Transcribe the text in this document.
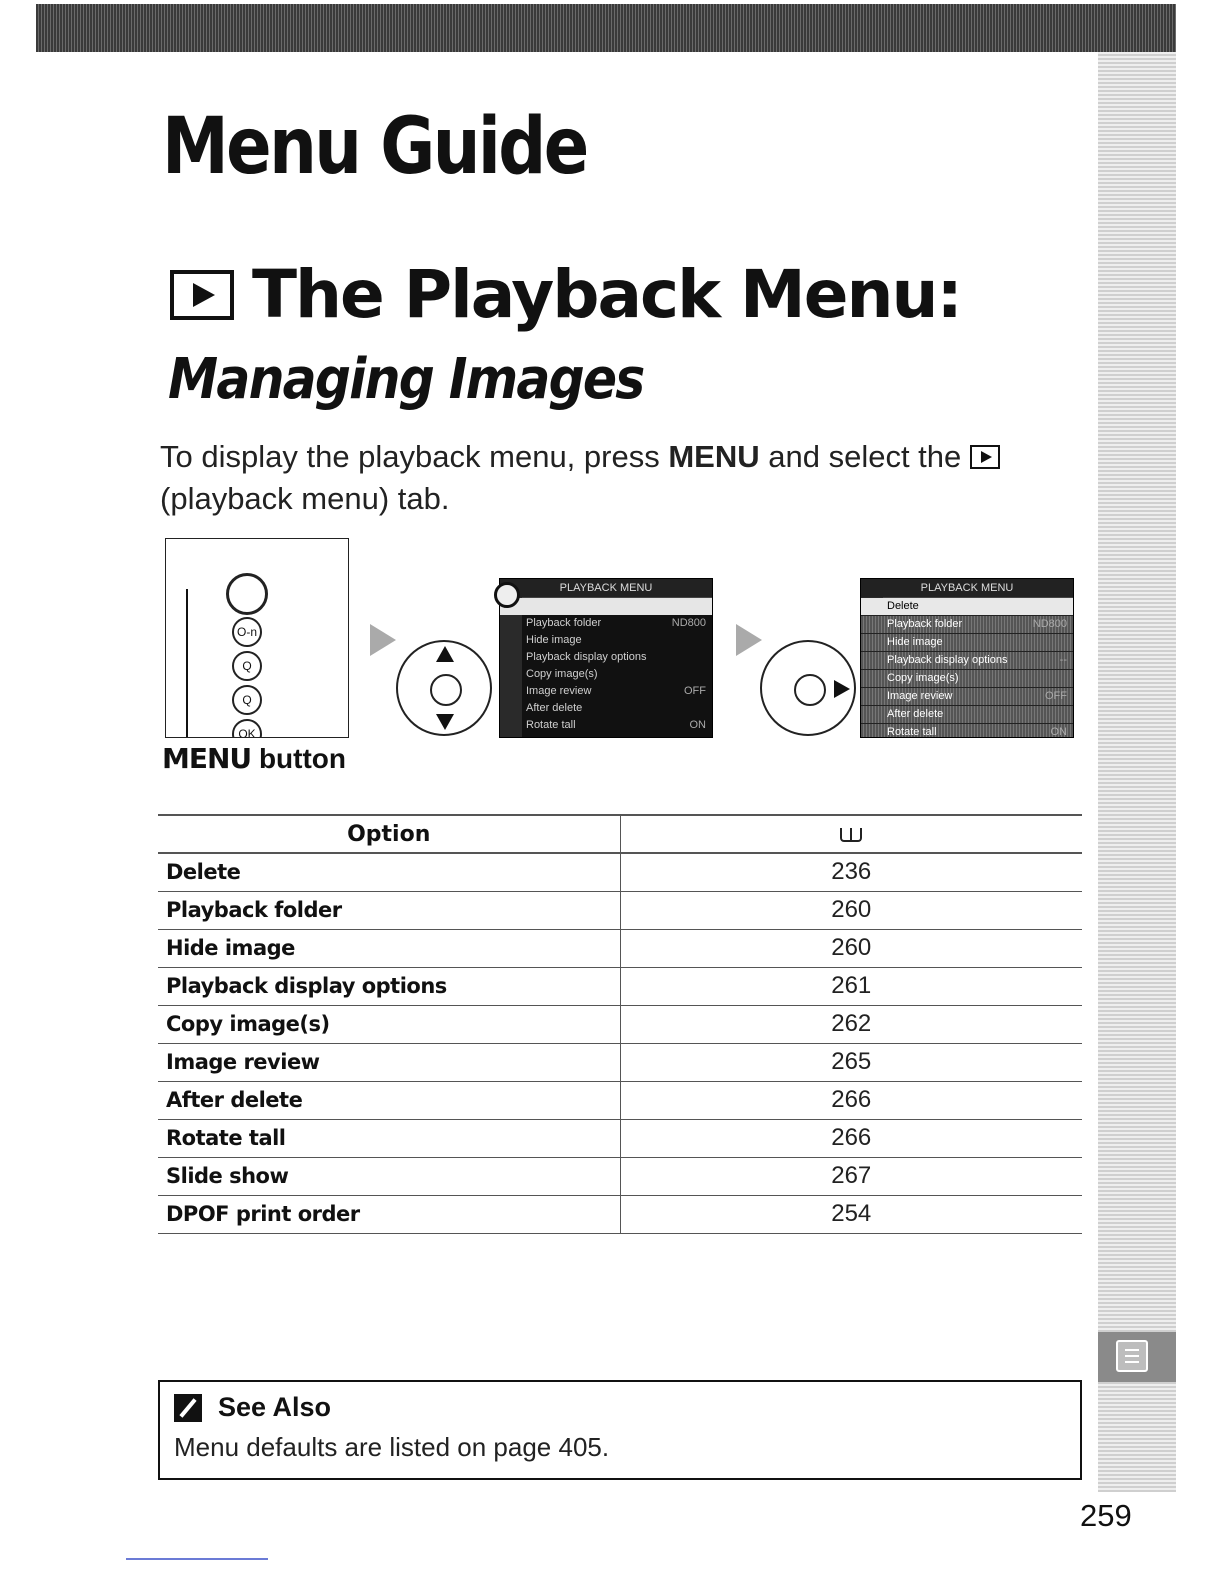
Menu Guide
The Playback Menu:
Managing Images

To display the playback menu, press MENU and select the
(playback menu) tab.

O-n
Q
Q
OK

MENU button

PLAYBACK MENU
Playback folder	ND800
Hide image
Playback display options
Copy image(s)
Image review	OFF
After delete
Rotate tall	ON
PLAYBACK MENU
Delete
Playback folder	ND800
Hide image
Playback display options	--
Copy image(s)
Image review	OFF
After delete
Rotate tall	ON
Option	
Delete	236
Playback folder	260
Hide image	260
Playback display options	261
Copy image(s)	262
Image review	265
After delete	266
Rotate tall	266
Slide show	267
DPOF print order	254
See Also
Menu defaults are listed on page 405.
259
